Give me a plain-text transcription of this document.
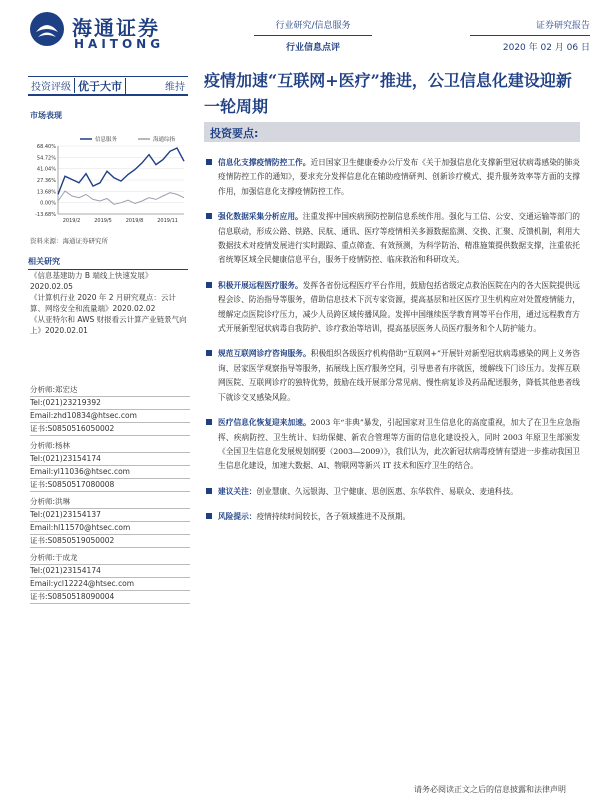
海通证券
HAITONG
行业研究/信息服务
行业信息点评
证券研究报告
2020 年 02 月 06 日
投资评级 优于大市	维持 疫情加速“互联网+医疗”推进，公卫信息化建设迎新一轮周期
市场表现
信息服务	海通综指
68.40%
54.72%
41.04%
27.36%
13.68%
0.00%
-13.68%
2019/2	2019/5	2019/8	2019/11
资料来源：海通证券研究所
相关研究
《信息基建助力 B 端线上快速发展》2020.02.05
《计算机行业 2020 年 2 月研究观点：云计算、网络安全和流量端》2020.02.02
《从亚特尔和 AWS 财报看云计算产业链景气向上》2020.02.01
分析师:郑宏达
Tel:(021)23219392
Email:zhd10834@htsec.com
证书:S0850516050002
分析师:杨林
Tel:(021)23154174
Email:yl11036@htsec.com
证书:S0850517080008
分析师:洪琳
Tel:(021)23154137
Email:hl11570@htsec.com
证书:S0850519050002
分析师:于成龙
Tel:(021)23154174
Email:ycl12224@htsec.com
证书:S0850518090004
投资要点:
信息化支撑疫情防控工作。近日国家卫生健康委办公厅发布《关于加强信息化支撑新型冠状病毒感染的肺炎疫情防控工作的通知》，要求充分发挥信息化在辅助疫情研判、创新诊疗模式、提升服务效率等方面的支撑作用，加强信息化支撑疫情防控工作。
强化数据采集分析应用。注重发挥中国疾病预防控制信息系统作用。强化与工信、公安、交通运输等部门的信息联动，形成公路、铁路、民航、通讯、医疗等疫情相关多源数据监测、交换、汇聚、反馈机制，利用大数据技术对疫情发展进行实时跟踪、重点筛查、有效预测，为科学防治、精准施策提供数据支撑，注重依托省统筹区域全民健康信息平台，服务于疫情防控、临床救治和科研攻关。
积极开展远程医疗服务。发挥各省份远程医疗平台作用，鼓励包括省级定点救治医院在内的各大医院提供远程会诊、防治指导等服务，借助信息技术下沉专家资源，提高基层和社区医疗卫生机构应对处置疫情能力，缓解定点医院诊疗压力，减少人员跨区域传播风险。发挥中国继续医学教育网等平台作用，通过远程教育方式开展新型冠状病毒自我防护、诊疗救治等培训，提高基层医务人员医疗服务和个人防护能力。
规范互联网诊疗咨询服务。积极组织各级医疗机构借助“互联网+”开展针对新型冠状病毒感染的网上义务咨询、居家医学观察指导等服务，拓展线上医疗服务空间，引导患者有序就医，缓解线下门诊压力。发挥互联网医院、互联网诊疗的独特优势，鼓励在线开展部分常见病、慢性病复诊及药品配送服务，降低其他患者线下就诊交叉感染风险。
医疗信息化恢复迎来加速。2003 年“非典”暴发，引起国家对卫生信息化的高度重视，加大了在卫生应急指挥、疾病防控、卫生统计、妇幼保健、新农合管理等方面的信息化建设投入，同时 2003 年原卫生部颁发《全国卫生信息化发展规划纲要（2003—2009）》，我们认为，此次新冠状病毒疫情有望进一步推动我国卫生信息化建设，加速大数据、AI、物联网等新兴 IT 技术和医疗卫生的结合。
建议关注：创业慧康、久远银海、卫宁健康、思创医惠、东华软件、易联众、麦迪科技。
风险提示：疫情持续时间较长，各子领域推进不及预期。
请务必阅读正文之后的信息披露和法律声明
